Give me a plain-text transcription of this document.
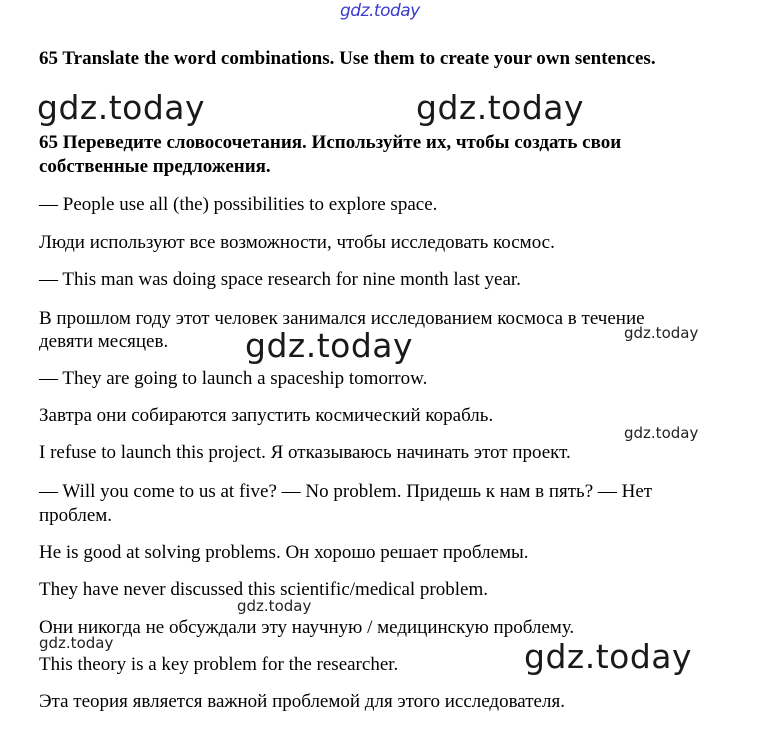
gdz.today
gdz.today	gdz.today
gdz.today
gdz.today
gdz.today
gdz.today
gdz.today
gdz.today
65 Translate the word combinations. Use them to create your own sentences.
65 Переведите словосочетания. Используйте их, чтобы создать свои
собственные предложения.
— People use all (the) possibilities to explore space.
Люди используют все возможности, чтобы исследовать космос.
— This man was doing space research for nine month last year.
В прошлом году этот человек занимался исследованием космоса в течение
девяти месяцев.
— They are going to launch a spaceship tomorrow.
Завтра они собираются запустить космический корабль.
I refuse to launch this project. Я отказываюсь начинать этот проект.
— Will you come to us at five? — No problem. Придешь к нам в пять? — Нет
проблем.
He is good at solving problems. Он хорошо решает проблемы.
They have never discussed this scientific/medical problem.
Они никогда не обсуждали эту научную / медицинскую проблему.
This theory is a key problem for the researcher.
Эта теория является важной проблемой для этого исследователя.
